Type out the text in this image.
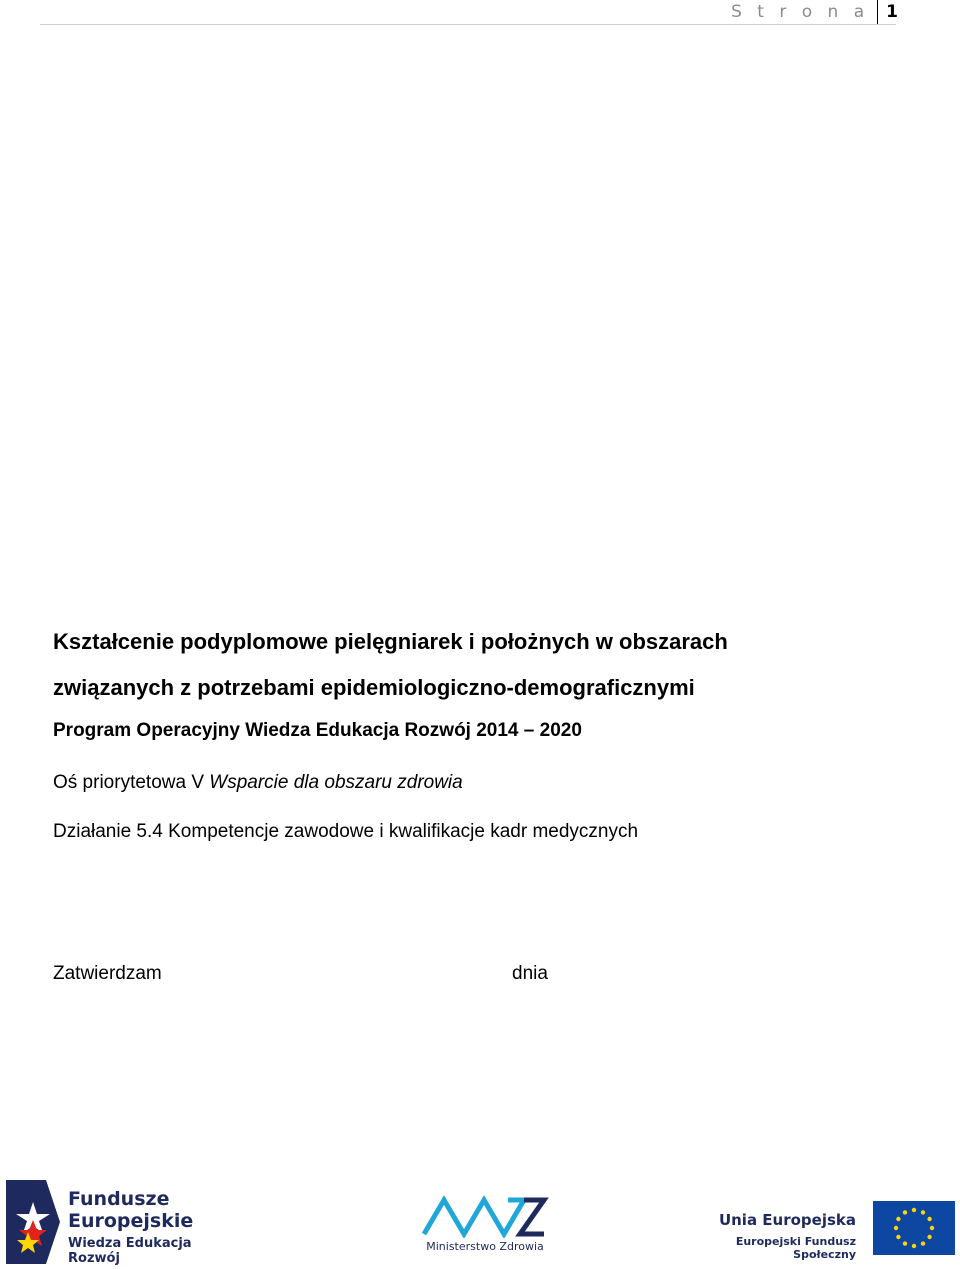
S t r o n a	1
Kształcenie podyplomowe pielęgniarek i położnych w obszarach
związanych z potrzebami epidemiologiczno-demograficznymi

Program Operacyjny Wiedza Edukacja Rozwój 2014 – 2020

Oś priorytetowa V Wsparcie dla obszaru zdrowia

Działanie 5.4 Kompetencje zawodowe i kwalifikacje kadr medycznych

Zatwierdzam	dnia

Fundusze
Europejskie
Wiedza Edukacja Rozwój
Ministerstwo Zdrowia
Unia Europejska
Europejski Fundusz Społeczny
